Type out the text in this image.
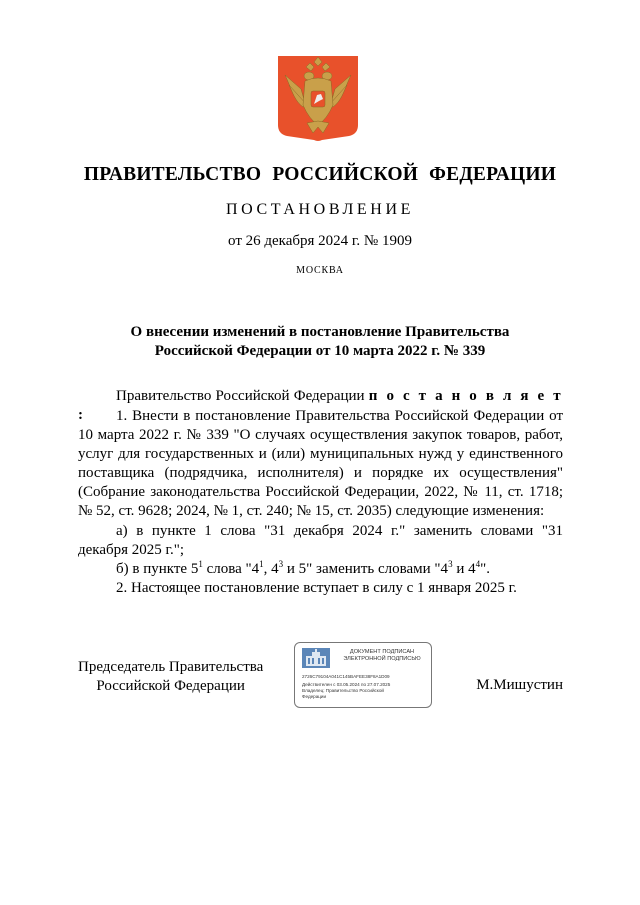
ПРАВИТЕЛЬСТВО РОССИЙСКОЙ ФЕДЕРАЦИИ
ПОСТАНОВЛЕНИЕ
от 26 декабря 2024 г. № 1909
МОСКВА
О внесении изменений в постановление Правительства
Российской Федерации от 10 марта 2022 г. № 339

Правительство Российской Федерации п о с т а н о в л я е т :	1. Внести в постановление Правительства Российской Федерации от 10 марта 2022 г. № 339 "О случаях осуществления закупок товаров, работ, услуг для государственных и (или) муниципальных нужд у единственного поставщика (подрядчика, исполнителя) и порядке их осуществления" (Собрание законодательства Российской Федерации, 2022, № 11, ст. 1718; № 52, ст. 9628; 2024, № 1, ст. 240; № 15, ст. 2035) следующие изменения:

а) в пункте 1 слова "31 декабря 2024 г." заменить словами "31 декабря 2025 г.";

б) в пункте $5^1$ слова "$4^1$, $4^3$ и 5" заменить словами "$4^3$ и $4^4$".

2. Настоящее постановление вступает в силу с 1 января 2025 г.

Председатель Правительства
Российской Федерации
ДОКУМЕНТ ПОДПИСАН
ЭЛЕКТРОННОЙ ПОДПИСЬЮ
2726C79104A041C145BAFEE38F8A1D09
Действителен с 03.05.2024 по 27.07.2025
Владелец: Правительство Российской
Федерации
М.Мишустин
